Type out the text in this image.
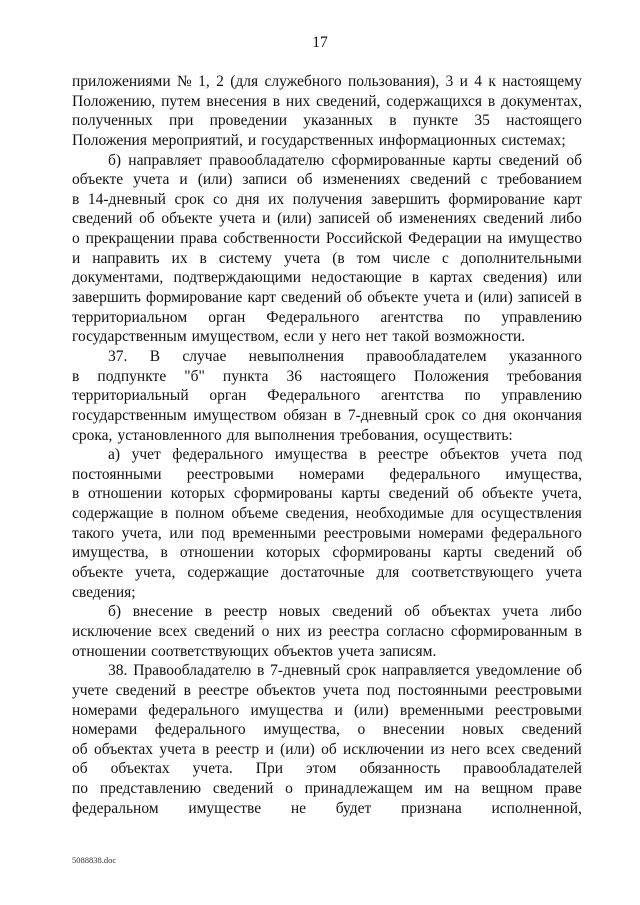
17
приложениями № 1, 2 (для служебного пользования), 3 и 4 к настоящему
Положению, путем внесения в них сведений, содержащихся в документах,
полученных при проведении указанных в пункте 35 настоящего
Положения мероприятий, и государственных информационных системах;
б) направляет правообладателю сформированные карты сведений об
объекте учета и (или) записи об изменениях сведений с требованием
в 14-дневный срок со дня их получения завершить формирование карт
сведений об объекте учета и (или) записей об изменениях сведений либо
о прекращении права собственности Российской Федерации на имущество
и направить их в систему учета (в том числе с дополнительными
документами, подтверждающими недостающие в картах сведения) или
завершить формирование карт сведений об объекте учета и (или) записей в
территориальном орган Федерального агентства по управлению
государственным имуществом, если у него нет такой возможности.
37. В случае невыполнения правообладателем указанного
в подпункте "б" пункта 36 настоящего Положения требования
территориальный орган Федерального агентства по управлению
государственным имуществом обязан в 7-дневный срок со дня окончания
срока, установленного для выполнения требования, осуществить:
а) учет федерального имущества в реестре объектов учета под
постоянными реестровыми номерами федерального имущества,
в отношении которых сформированы карты сведений об объекте учета,
содержащие в полном объеме сведения, необходимые для осуществления
такого учета, или под временными реестровыми номерами федерального
имущества, в отношении которых сформированы карты сведений об
объекте учета, содержащие достаточные для соответствующего учета
сведения;
б) внесение в реестр новых сведений об объектах учета либо
исключение всех сведений о них из реестра согласно сформированным в
отношении соответствующих объектов учета записям.
38. Правообладателю в 7-дневный срок направляется уведомление об
учете сведений в реестре объектов учета под постоянными реестровыми
номерами федерального имущества и (или) временными реестровыми
номерами федерального имущества, о внесении новых сведений
об объектах учета в реестр и (или) об исключении из него всех сведений
об объектах учета. При этом обязанность правообладателей
по представлению сведений о принадлежащем им на вещном праве
федеральном имуществе не будет признана исполненной,
5088838.doc
